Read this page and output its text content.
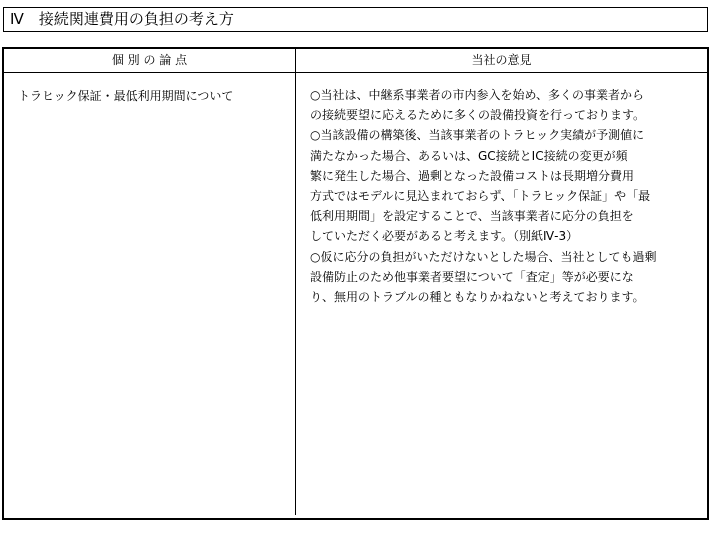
Ⅳ　接続関連費用の負担の考え方
個 別 の 論 点	当社の意見
トラヒック保証・最低利用期間について	○当社は、中継系事業者の市内参入を始め、多くの事業者から
の接続要望に応えるために多くの設備投資を行っております。
○当該設備の構築後、当該事業者のトラヒック実績が予測値に
満たなかった場合、あるいは、GC接続とIC接続の変更が頻
繁に発生した場合、過剰となった設備コストは長期増分費用
方式ではモデルに見込まれておらず、「トラヒック保証」や「最
低利用期間」を設定することで、当該事業者に応分の負担を
していただく必要があると考えます。（別紙Ⅳ-3）
○仮に応分の負担がいただけないとした場合、当社としても過剰
設備防止のため他事業者要望について「査定」等が必要にな
り、無用のトラブルの種ともなりかねないと考えております。
